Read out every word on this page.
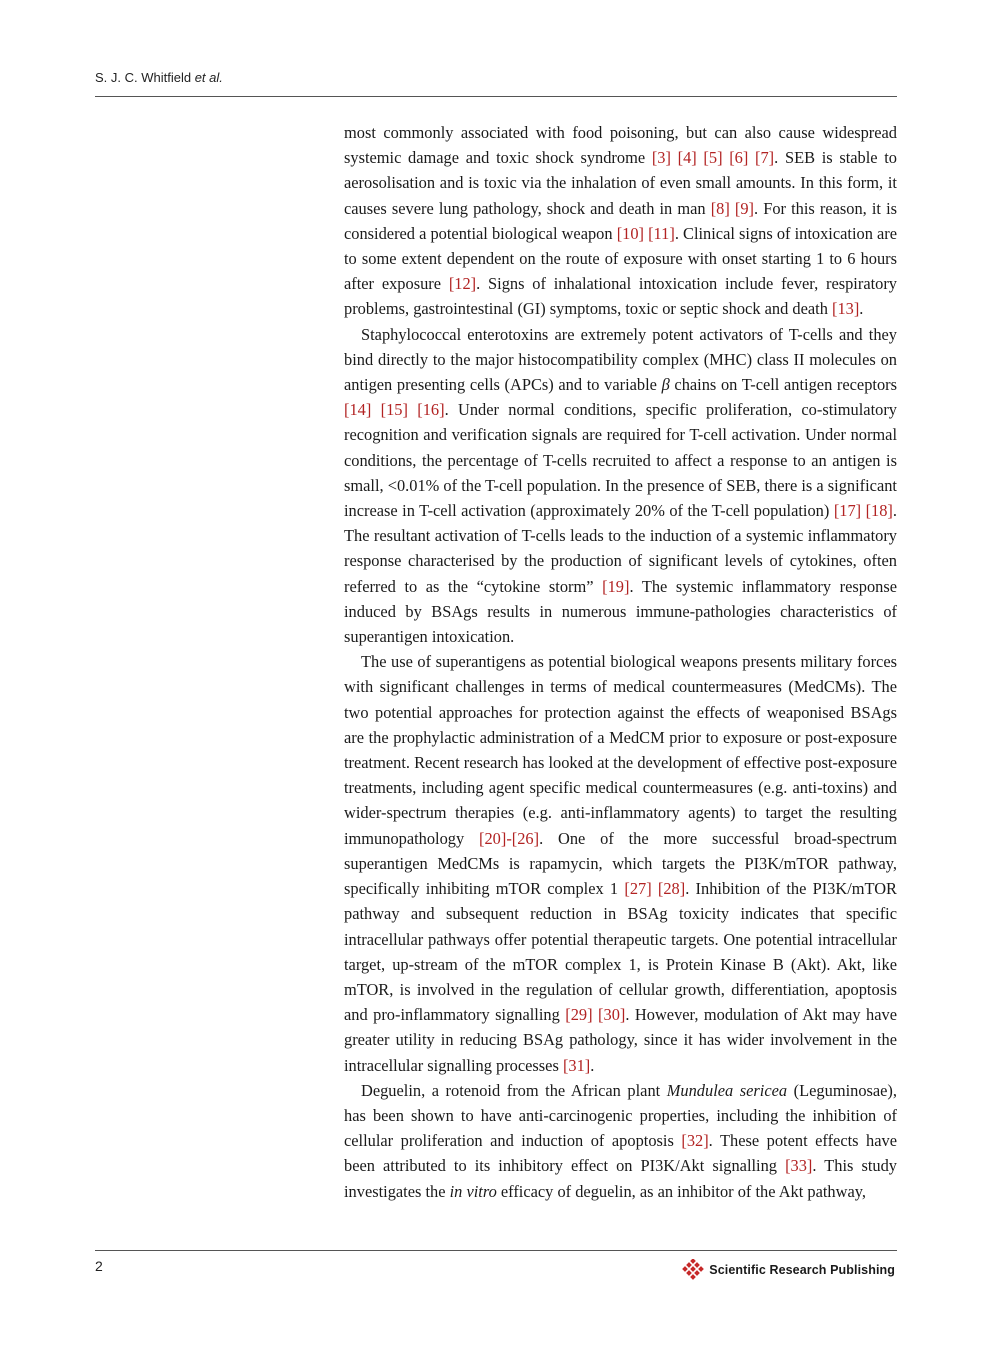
S. J. C. Whitfield et al.

most commonly associated with food poisoning, but can also cause widespread systemic damage and toxic shock syndrome [3] [4] [5] [6] [7]. SEB is stable to aerosolisation and is toxic via the inhalation of even small amounts. In this form, it causes severe lung pathology, shock and death in man [8] [9]. For this reason, it is considered a potential biological weapon [10] [11]. Clinical signs of intoxication are to some extent dependent on the route of exposure with onset starting 1 to 6 hours after exposure [12]. Signs of inhalational intoxication include fever, respiratory problems, gastrointestinal (GI) symptoms, toxic or septic shock and death [13].

Staphylococcal enterotoxins are extremely potent activators of T-cells and they bind directly to the major histocompatibility complex (MHC) class II molecules on antigen presenting cells (APCs) and to variable β chains on T-cell antigen receptors [14] [15] [16]. Under normal conditions, specific proliferation, co-stimulatory recognition and verification signals are required for T-cell activation. Under normal conditions, the percentage of T-cells recruited to affect a response to an antigen is small, <0.01% of the T-cell population. In the presence of SEB, there is a significant increase in T-cell activation (approximately 20% of the T-cell population) [17] [18]. The resultant activation of T-cells leads to the induction of a systemic inflammatory response characterised by the production of significant levels of cytokines, often referred to as the “cytokine storm” [19]. The systemic inflammatory response induced by BSAgs results in numerous immune-pathologies characteristics of superantigen intoxication.

The use of superantigens as potential biological weapons presents military forces with significant challenges in terms of medical countermeasures (MedCMs). The two potential approaches for protection against the effects of weaponised BSAgs are the prophylactic administration of a MedCM prior to exposure or post-exposure treatment. Recent research has looked at the development of effective post-exposure treatments, including agent specific medical countermeasures (e.g. anti-toxins) and wider-spectrum therapies (e.g. anti-inflammatory agents) to target the resulting immunopathology [20]-[26]. One of the more successful broad-spectrum superantigen MedCMs is rapamycin, which targets the PI3K/mTOR pathway, specifically inhibiting mTOR complex 1 [27] [28]. Inhibition of the PI3K/mTOR pathway and subsequent reduction in BSAg toxicity indicates that specific intracellular pathways offer potential therapeutic targets. One potential intracellular target, up-stream of the mTOR complex 1, is Protein Kinase B (Akt). Akt, like mTOR, is involved in the regulation of cellular growth, differentiation, apoptosis and pro-inflammatory signalling [29] [30]. However, modulation of Akt may have greater utility in reducing BSAg pathology, since it has wider involvement in the intracellular signalling processes [31].

Deguelin, a rotenoid from the African plant Mundulea sericea (Leguminosae), has been shown to have anti-carcinogenic properties, including the inhibition of cellular proliferation and induction of apoptosis [32]. These potent effects have been attributed to its inhibitory effect on PI3K/Akt signalling [33]. This study investigates the in vitro efficacy of deguelin, as an inhibitor of the Akt pathway,

2	Scientific Research Publishing
